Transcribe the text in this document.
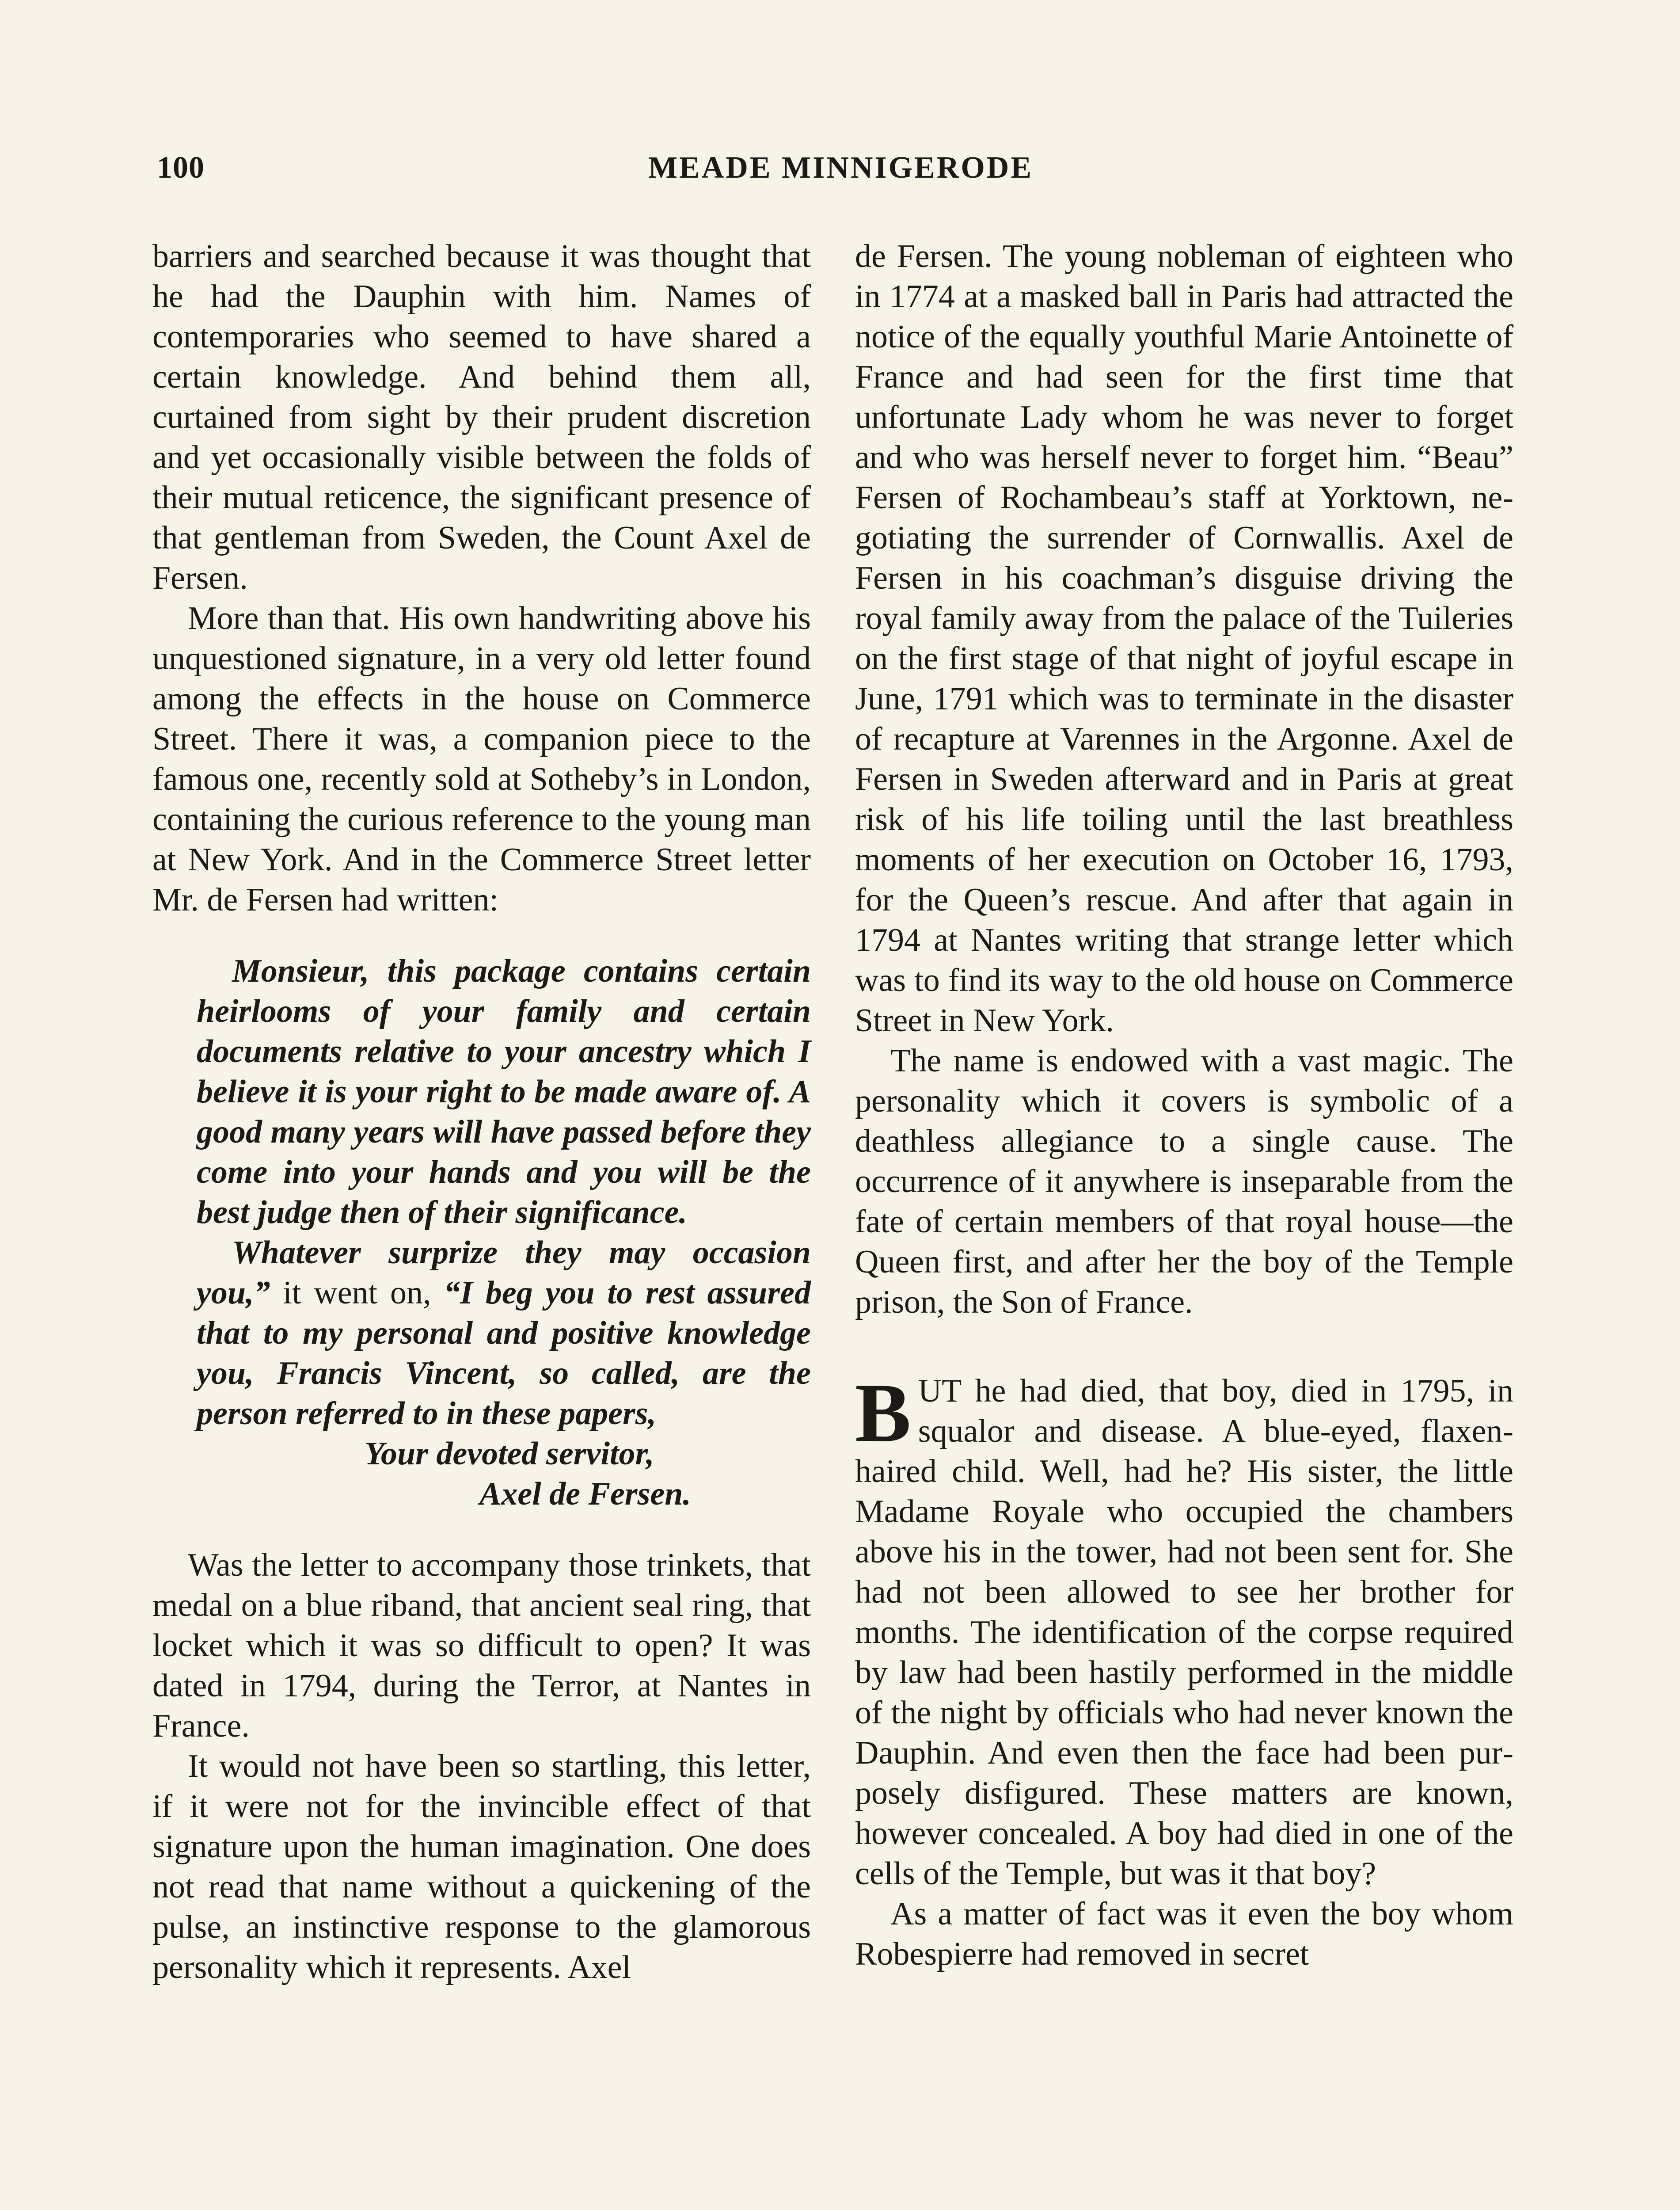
100	MEADE MINNIGERODE

barriers and searched because it was thought that he had the Dauphin with him. Names of contemporaries who seemed to have shared a certain knowledge. And behind them all, curtained from sight by their prudent discretion and yet occasionally visible between the folds of their mutual reticence, the significant presence of that gentleman from Sweden, the Count Axel de Fersen.

More than that. His own handwriting above his unquestioned signature, in a very old letter found among the effects in the house on Commerce Street. There it was, a companion piece to the famous one, recently sold at Sotheby’s in London, containing the curious reference to the young man at New York. And in the Commerce Street letter Mr. de Fersen had written:

Monsieur, this package contains certain heirlooms of your family and certain documents relative to your ancestry which I believe it is your right to be made aware of. A good many years will have passed before they come into your hands and you will be the best judge then of their significance.

Whatever surprize they may occasion you,” it went on, “I beg you to rest assured that to my personal and positive knowledge you, Francis Vincent, so called, are the person referred to in these papers,

Your devoted servitor,
Axel de Fersen.

Was the letter to accompany those trinkets, that medal on a blue riband, that ancient seal ring, that locket which it was so difficult to open? It was dated in 1794, during the Terror, at Nantes in France.

It would not have been so startling, this letter, if it were not for the invincible effect of that signature upon the human imagination. One does not read that name without a quickening of the pulse, an instinctive response to the glamorous personality which it represents. Axel

de Fersen. The young nobleman of eighteen who in 1774 at a masked ball in Paris had attracted the notice of the equally youthful Marie Antoinette of France and had seen for the first time that unfortunate Lady whom he was never to forget and who was herself never to forget him. “Beau” Fersen of Rochambeau’s staff at Yorktown, negotiating the surrender of Cornwallis. Axel de Fersen in his coachman’s disguise driving the royal family away from the palace of the Tuileries on the first stage of that night of joyful escape in June, 1791 which was to terminate in the disaster of recapture at Varennes in the Argonne. Axel de Fersen in Sweden afterward and in Paris at great risk of his life toiling until the last breathless moments of her execution on October 16, 1793, for the Queen’s rescue. And after that again in 1794 at Nantes writing that strange letter which was to find its way to the old house on Commerce Street in New York.

The name is endowed with a vast magic. The personality which it covers is symbolic of a deathless allegiance to a single cause. The occurrence of it anywhere is inseparable from the fate of certain members of that royal house—the Queen first, and after her the boy of the Temple prison, the Son of France.

BUT he had died, that boy, died in 1795, in squalor and disease. A blue-eyed, flaxen-haired child. Well, had he? His sister, the little Madame Royale who occupied the chambers above his in the tower, had not been sent for. She had not been allowed to see her brother for months. The identification of the corpse required by law had been hastily performed in the middle of the night by officials who had never known the Dauphin. And even then the face had been purposely disfigured. These matters are known, however concealed. A boy had died in one of the cells of the Temple, but was it that boy?

As a matter of fact was it even the boy whom Robespierre had removed in secret
